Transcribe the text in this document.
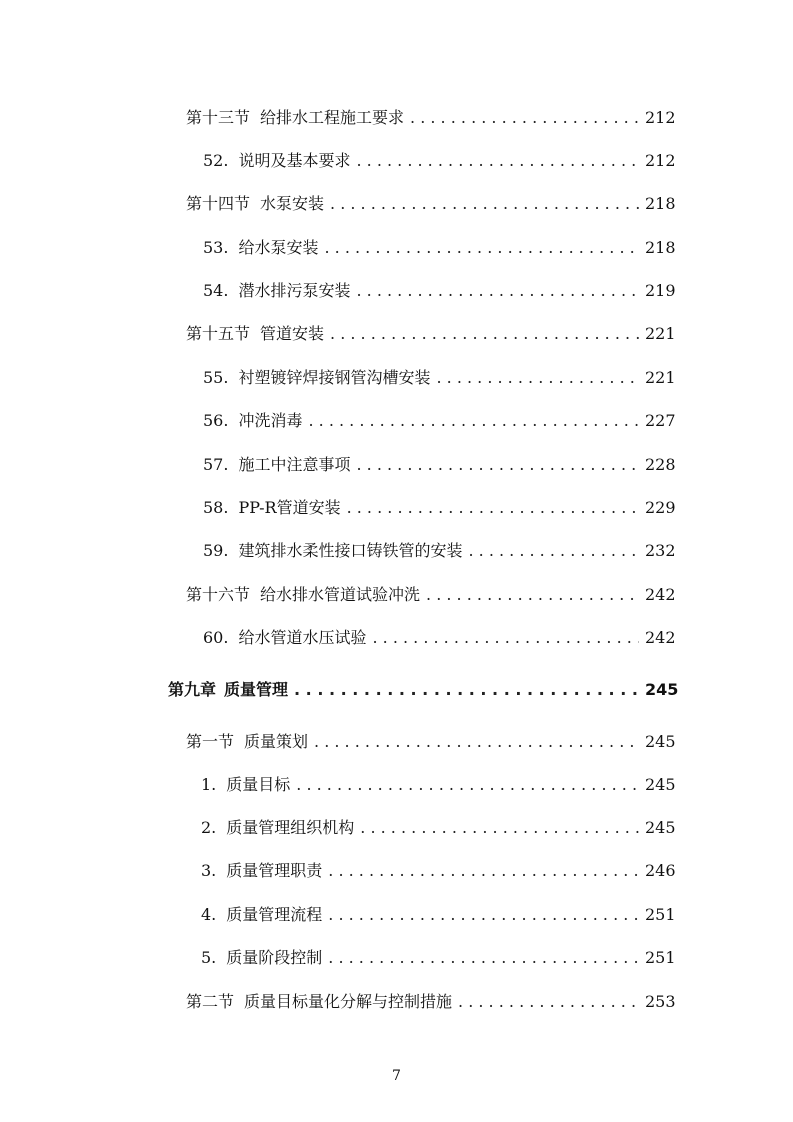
第十三节 给排水工程施工要求 . . .	212
52. 说明及基本要求 . . .	212
第十四节 水泵安装 . . .	218
53. 给水泵安装 . . .	218
54. 潜水排污泵安装 . . .	219
第十五节 管道安装 . . .	221
55. 衬塑镀锌焊接钢管沟槽安装 . . .	221
56. 冲洗消毒 . . .	227
57. 施工中注意事项 . . .	228
58. PP-R管道安装 . . .	229
59. 建筑排水柔性接口铸铁管的安装 . . .	232
第十六节 给水排水管道试验冲洗 . . .	242
60. 给水管道水压试验 . . .	242
第九章 质量管理 . . .	245
第一节 质量策划 . . .	245
1. 质量目标 . . .	245
2. 质量管理组织机构 . . .	245
3. 质量管理职责 . . .	246
4. 质量管理流程 . . .	251
5. 质量阶段控制 . . .	251
第二节 质量目标量化分解与控制措施 . . .	253
7
